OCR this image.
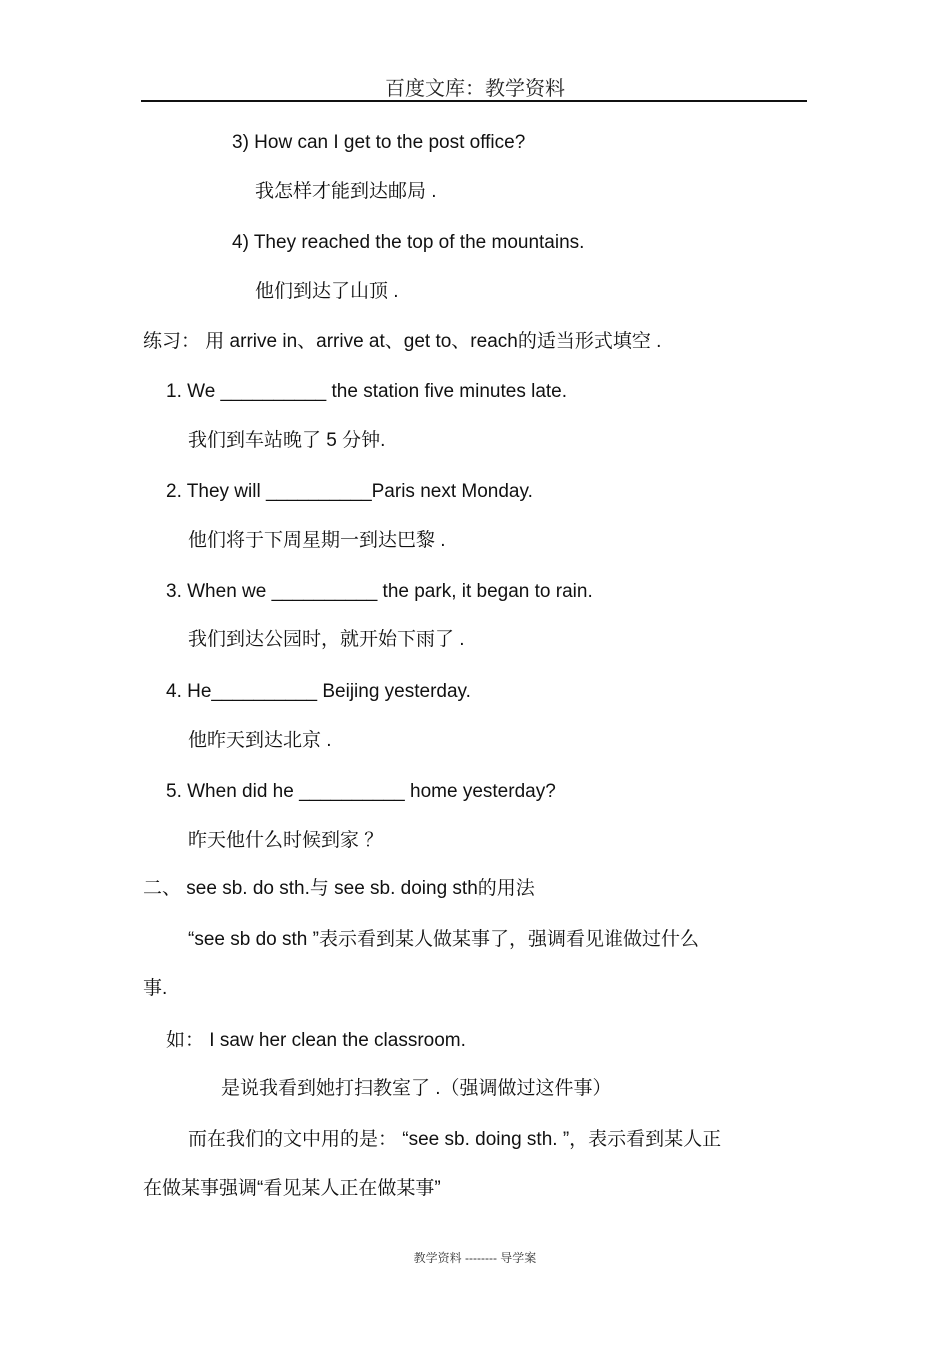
百度文库：教学资料
3) How can I get to the post office?
我怎样才能到达邮局 .
4) They reached the top of the mountains.
他们到达了山顶 .
练习： 用 arrive in、arrive at、get to、reach的适当形式填空 .
1. We __________ the station five minutes late.
我们到车站晚了 5 分钟.
2. They will __________Paris next Monday.
他们将于下周星期一到达巴黎 .
3. When we __________ the park, it began to rain.
我们到达公园时，就开始下雨了 .
4. He__________ Beijing yesterday.
他昨天到达北京 .
5. When did he __________ home yesterday?
昨天他什么时候到家 ？
二、 see sb. do sth.与 see sb. doing sth的用法
“see sb do sth ”表示看到某人做某事了，强调看见谁做过什么
事.
如： I saw her clean the classroom.
是说我看到她打扫教室了 .（强调做过这件事）
而在我们的文中用的是： “see sb. doing sth. ”，表示看到某人正
在做某事强调“看见某人正在做某事”
教学资料 -------- 导学案
